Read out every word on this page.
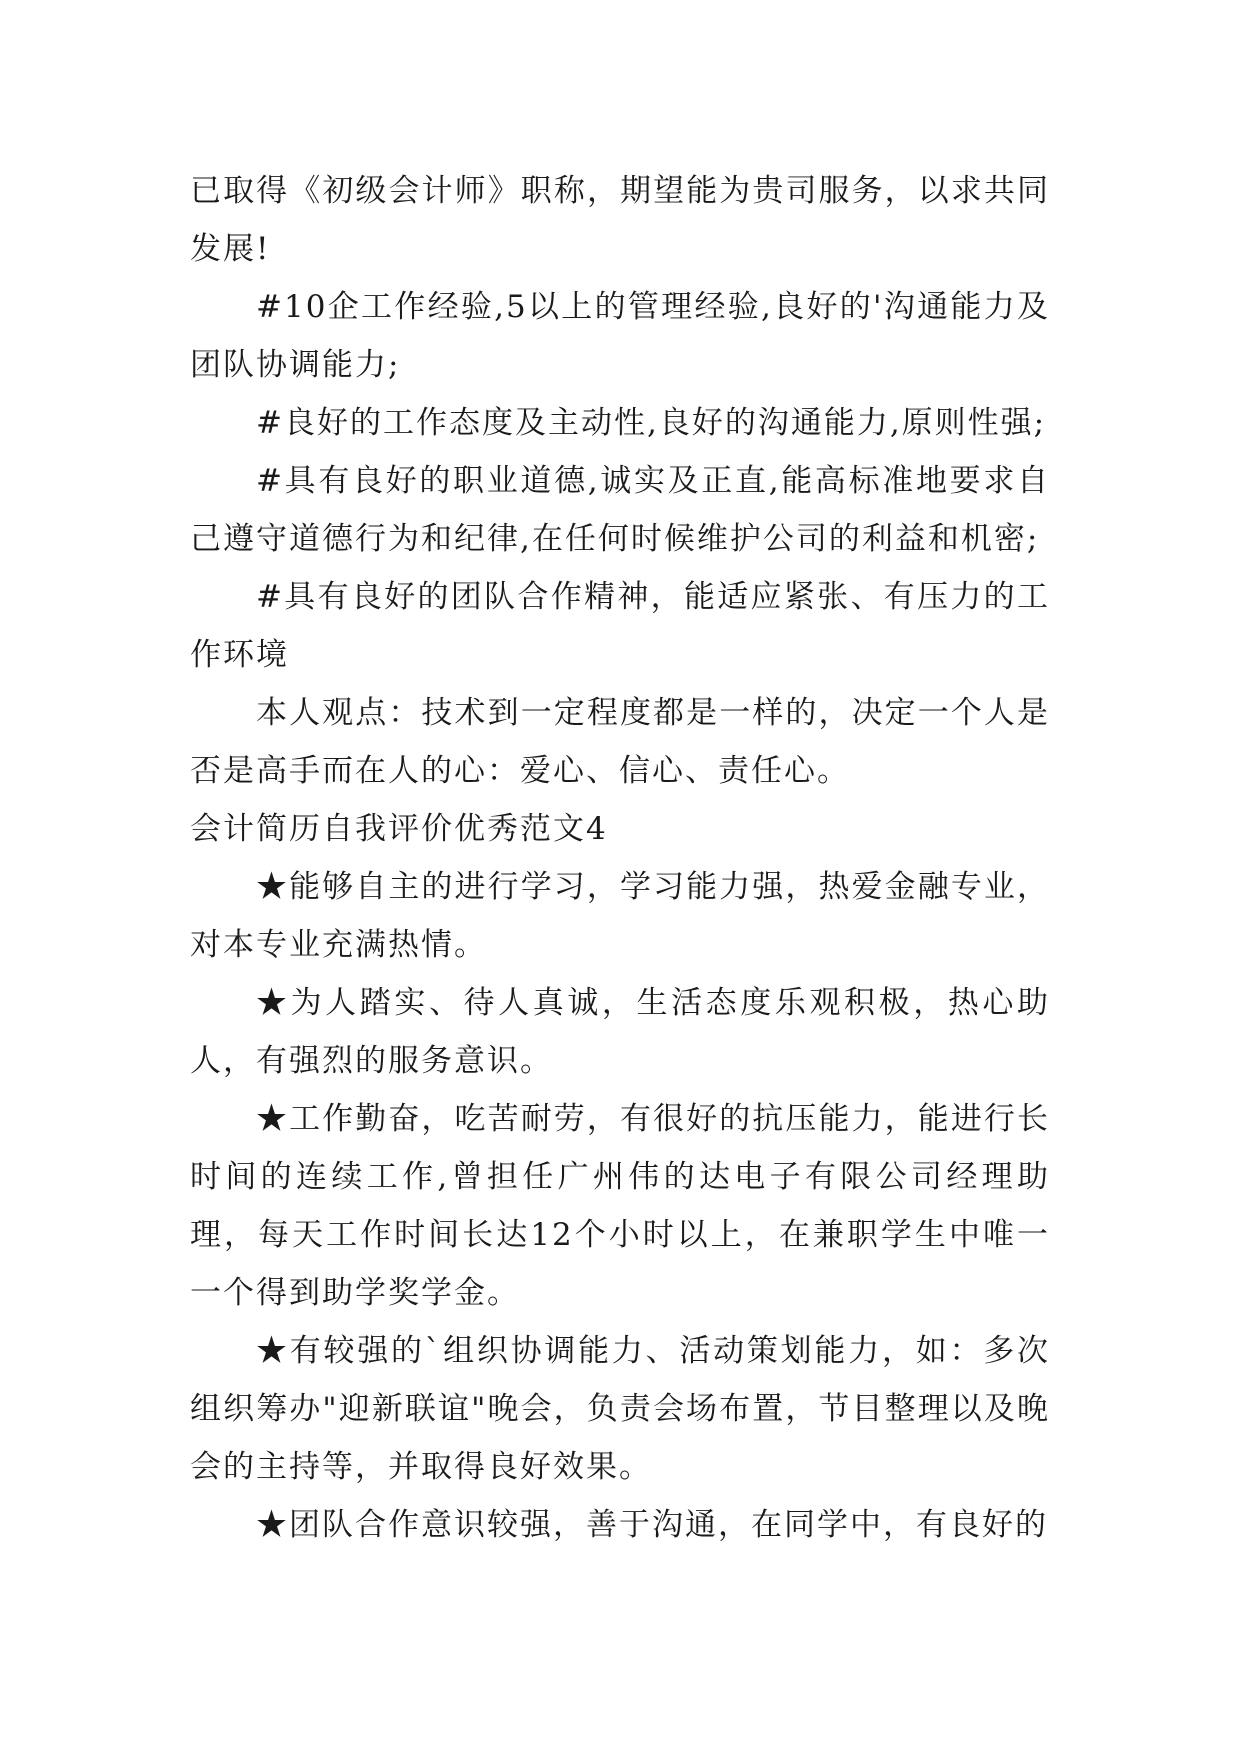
已取得《初级会计师》职称，期望能为贵司服务，以求共同发展!

#10企工作经验,5以上的管理经验,良好的'沟通能力及团队协调能力;

#良好的工作态度及主动性,良好的沟通能力,原则性强;

#具有良好的职业道德,诚实及正直,能高标准地要求自己遵守道德行为和纪律,在任何时候维护公司的利益和机密;

#具有良好的团队合作精神，能适应紧张、有压力的工作环境

本人观点：技术到一定程度都是一样的，决定一个人是否是高手而在人的心：爱心、信心、责任心。

会计简历自我评价优秀范文4

★能够自主的进行学习，学习能力强，热爱金融专业，对本专业充满热情。

★为人踏实、待人真诚，生活态度乐观积极，热心助人，有强烈的服务意识。

★工作勤奋，吃苦耐劳，有很好的抗压能力，能进行长时间的连续工作,曾担任广州伟的达电子有限公司经理助理，每天工作时间长达12个小时以上，在兼职学生中唯一一个得到助学奖学金。

★有较强的`组织协调能力、活动策划能力，如：多次组织筹办"迎新联谊"晚会，负责会场布置，节目整理以及晚会的主持等，并取得良好效果。

★团队合作意识较强，善于沟通，在同学中，有良好的
